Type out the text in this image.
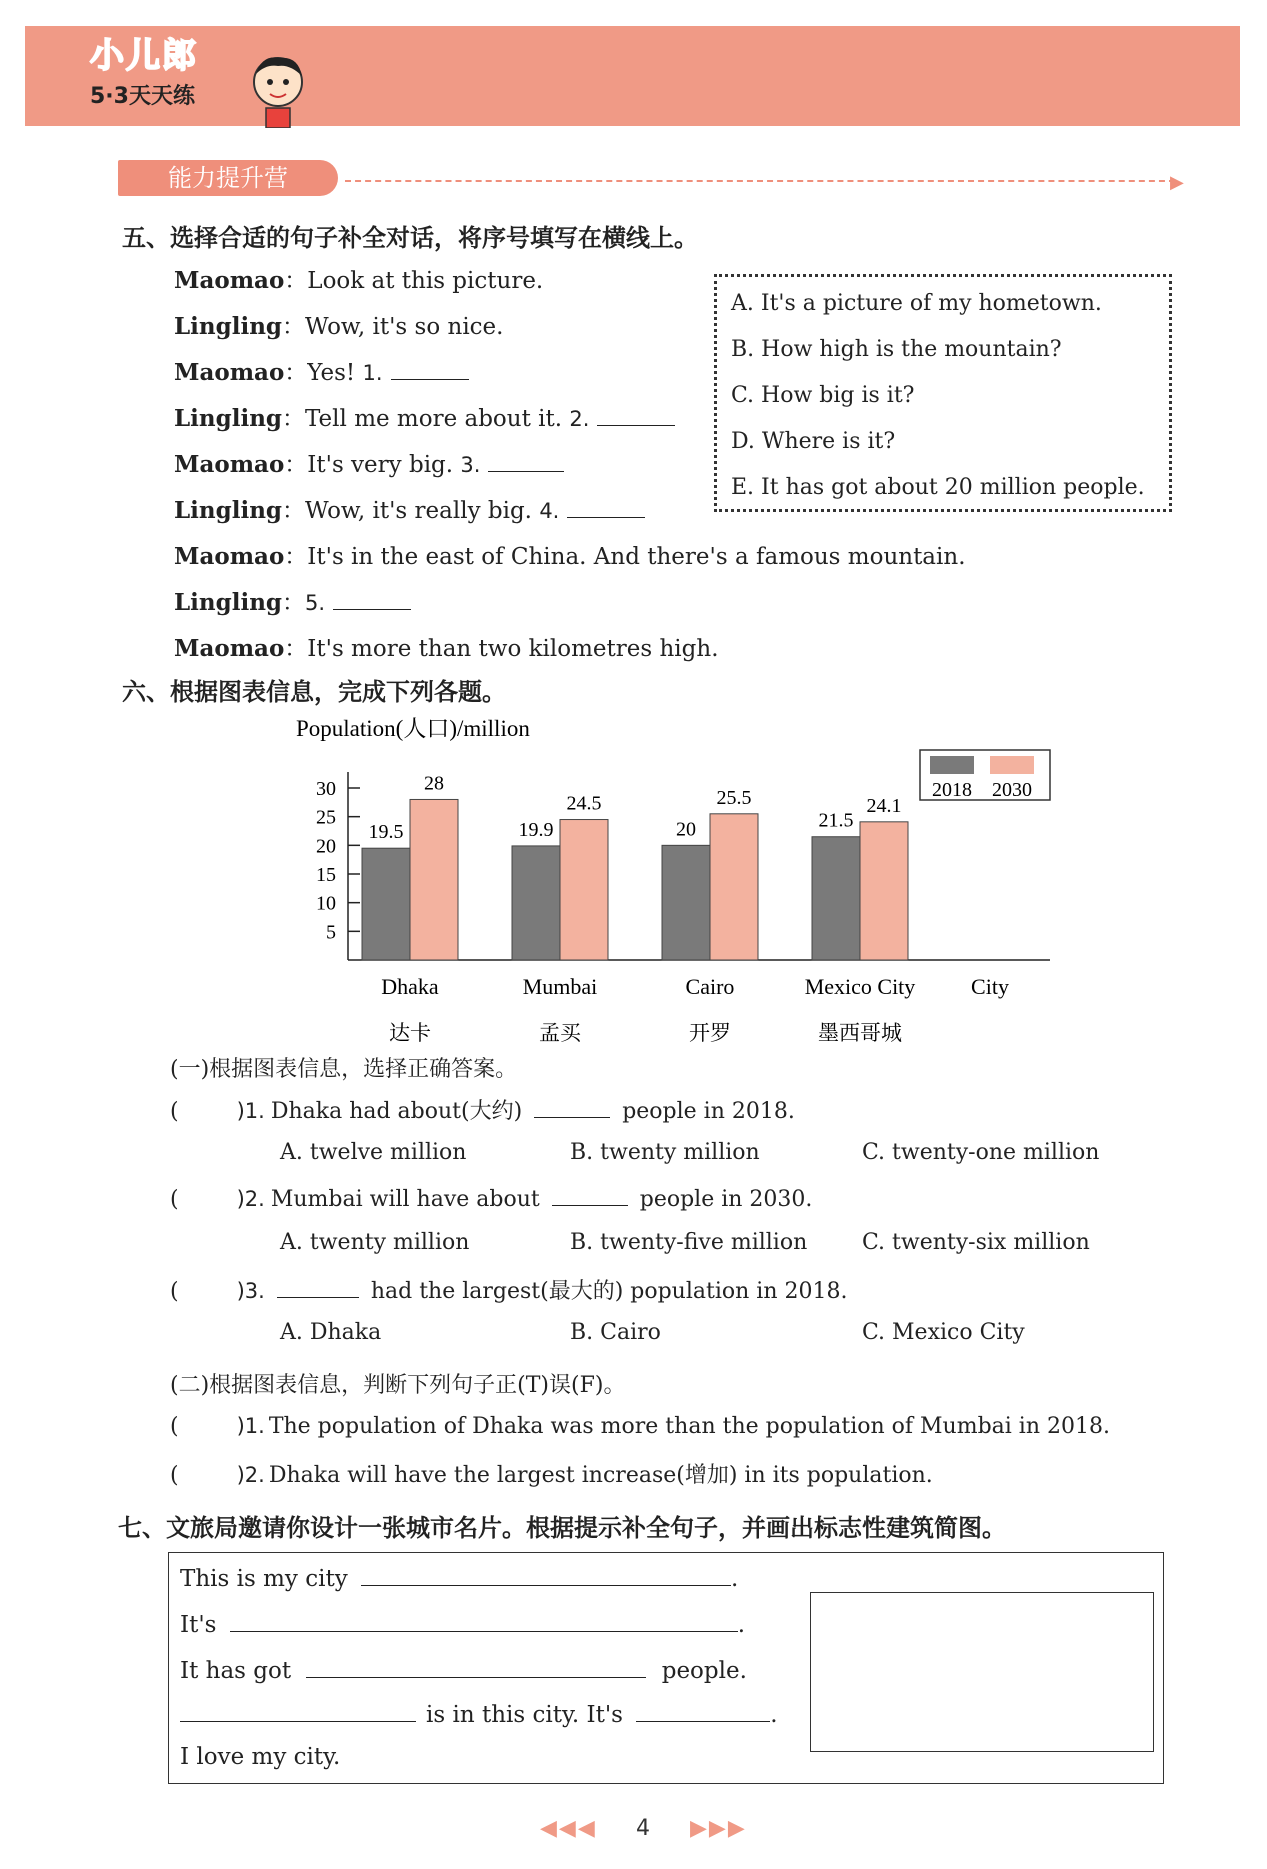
小儿郎
5·3天天练
能力提升营	▶
五、选择合适的句子补全对话，将序号填写在横线上。
Maomao：Look at this picture.
Lingling：Wow, it's so nice.
Maomao：Yes! 1.
Lingling：Tell me more about it. 2.
Maomao：It's very big. 3.
Lingling：Wow, it's really big. 4.
Maomao：It's in the east of China. And there's a famous mountain.
Lingling：5.
Maomao：It's more than two kilometres high.
A. It's a picture of my hometown.
B. How high is the mountain?
C. How big is it?
D. Where is it?
E. It has got about 20 million people.
六、根据图表信息，完成下列各题。
Population(人口)/million
30
25
20
15
10
5
19.5
28
Dhaka
达卡
19.9
24.5
Mumbai
孟买
20
25.5
Cairo
开罗
21.5
24.1
Mexico City
墨西哥城
City
2018 2030
(一)根据图表信息，选择正确答案。
(	)1. Dhaka had about(大约)	people in 2018.
A. twelve million	B. twenty million	C. twenty-one million
(	)2. Mumbai will have about	people in 2030.
A. twenty million	B. twenty-five million C. twenty-six million
(	)3.	had the largest(最大的) population in 2018.
A. Dhaka	B. Cairo	C. Mexico City
(二)根据图表信息，判断下列句子正(T)误(F)。
(	)1. The population of Dhaka was more than the population of Mumbai in 2018.
(	)2. Dhaka will have the largest increase(增加) in its population.
七、文旅局邀请你设计一张城市名片。根据提示补全句子，并画出标志性建筑简图。
This is my city	.
It's	.
It has got	people.
is in this city. It's	.
I love my city.
◀◀◀ 4 ▶▶▶
